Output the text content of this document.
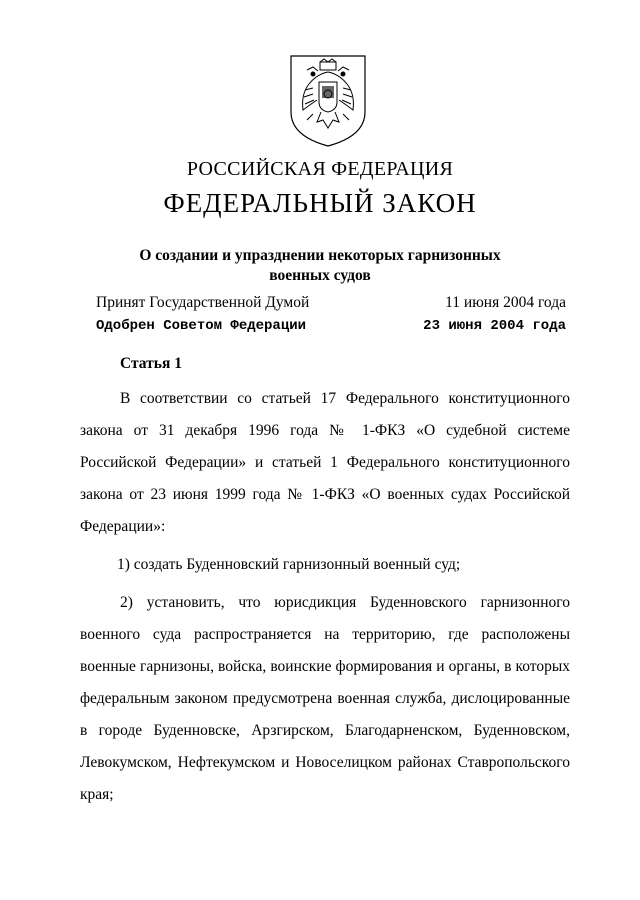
РОССИЙСКАЯ ФЕДЕРАЦИЯ
ФЕДЕРАЛЬНЫЙ ЗАКОН
О создании и упразднении некоторых гарнизонных
военных судов
Принят Государственной Думой	11 июня 2004 года
Одобрен Советом Федерации	23 июня 2004 года
Статья 1

В соответствии со статьей 17 Федерального конституционного закона от 31 декабря 1996 года № 1-ФКЗ «О судебной системе Российской Федерации» и статьей 1 Федерального конституционного закона от 23 июня 1999 года № 1-ФКЗ «О военных судах Российской Федерации»:

1) создать Буденновский гарнизонный военный суд;

2) установить, что юрисдикция Буденновского гарнизонного военного суда распространяется на территорию, где расположены военные гарнизоны, войска, воинские формирования и органы, в которых федеральным законом предусмотрена военная служба, дислоцированные в городе Буденновске, Арзгирском, Благодарненском, Буденновском, Левокумском, Нефтекумском и Новоселицком районах Ставропольского края;
